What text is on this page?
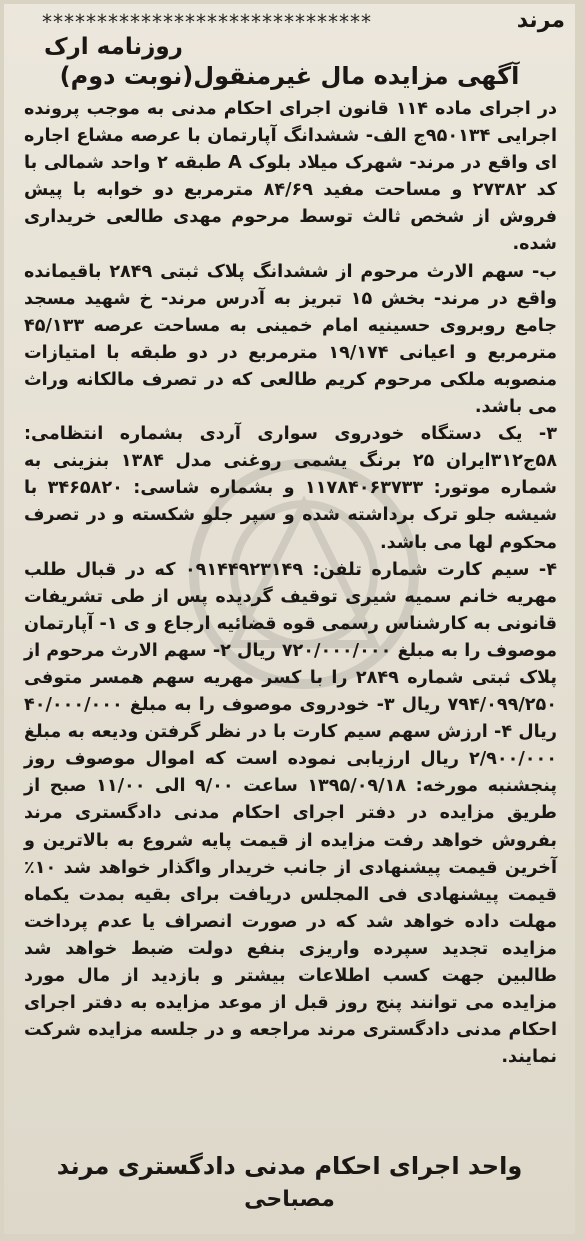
******************************	مرند
روزنامه ارک
آگهی مزایده مال غیرمنقول(نوبت دوم)

در اجرای ماده ۱۱۴ قانون اجرای احکام مدنی به موجب پرونده اجرایی ۹۵۰۱۳۴ج الف- ششدانگ آپارتمان با عرصه مشاع اجاره ای واقع در مرند- شهرک میلاد بلوک A طبقه ۲ واحد شمالی با کد ۲۷۳۸۲ و مساحت مفید ۸۴/۶۹ مترمربع دو خوابه با پیش فروش از شخص ثالث توسط مرحوم مهدی طالعی خریداری شده.

ب- سهم الارث مرحوم از ششدانگ پلاک ثبتی ۲۸۴۹ باقیمانده واقع در مرند- بخش ۱۵ تبریز به آدرس مرند- خ شهید مسجد جامع روبروی حسینیه امام خمینی به مساحت عرصه ۴۵/۱۳۳ مترمربع و اعیانی ۱۹/۱۷۴ مترمربع در دو طبقه با امتیازات منصوبه ملکی مرحوم کریم طالعی که در تصرف مالکانه وراث می باشد.

۳- یک دستگاه خودروی سواری آردی بشماره انتظامی: ۵۸ج۳۱۲ایران ۲۵ برنگ یشمی روغنی مدل ۱۳۸۴ بنزینی به شماره موتور: ۱۱۷۸۴۰۶۳۷۳۳ و بشماره شاسی: ۳۴۶۵۸۲۰ با شیشه جلو ترک برداشته شده و سپر جلو شکسته و در تصرف محکوم لها می باشد.

۴- سیم کارت شماره تلفن: ۰۹۱۴۴۹۲۳۱۴۹ که در قبال طلب مهریه خانم سمیه شیری توقیف گردیده پس از طی تشریفات قانونی به کارشناس رسمی قوه قضائیه ارجاع و ی ۱- آپارتمان موصوف را به مبلغ ۷۲۰/۰۰۰/۰۰۰ ریال ۲- سهم الارث مرحوم از پلاک ثبتی شماره ۲۸۴۹ را با کسر مهریه سهم همسر متوفی ۷۹۴/۰۹۹/۲۵۰ ریال ۳- خودروی موصوف را به مبلغ ۴۰/۰۰۰/۰۰۰ ریال ۴- ارزش سهم سیم کارت با در نظر گرفتن ودیعه به مبلغ ۲/۹۰۰/۰۰۰ ریال ارزیابی نموده است که اموال موصوف روز پنجشنبه مورخه: ۱۳۹۵/۰۹/۱۸ ساعت ۹/۰۰ الی ۱۱/۰۰ صبح از طریق مزایده در دفتر اجرای احکام مدنی دادگستری مرند بفروش خواهد رفت مزایده از قیمت پایه شروع به بالاترین و آخرین قیمت پیشنهادی از جانب خریدار واگذار خواهد شد ۱۰٪ قیمت پیشنهادی فی المجلس دریافت برای بقیه بمدت یکماه مهلت داده خواهد شد که در صورت انصراف یا عدم پرداخت مزایده تجدید سپرده واریزی بنفع دولت ضبط خواهد شد طالبین جهت کسب اطلاعات بیشتر و بازدید از مال مورد مزایده می توانند پنج روز قبل از موعد مزایده به دفتر اجرای احکام مدنی دادگستری مرند مراجعه و در جلسه مزایده شرکت نمایند.

واحد اجرای احکام مدنی دادگستری مرند
مصباحی
